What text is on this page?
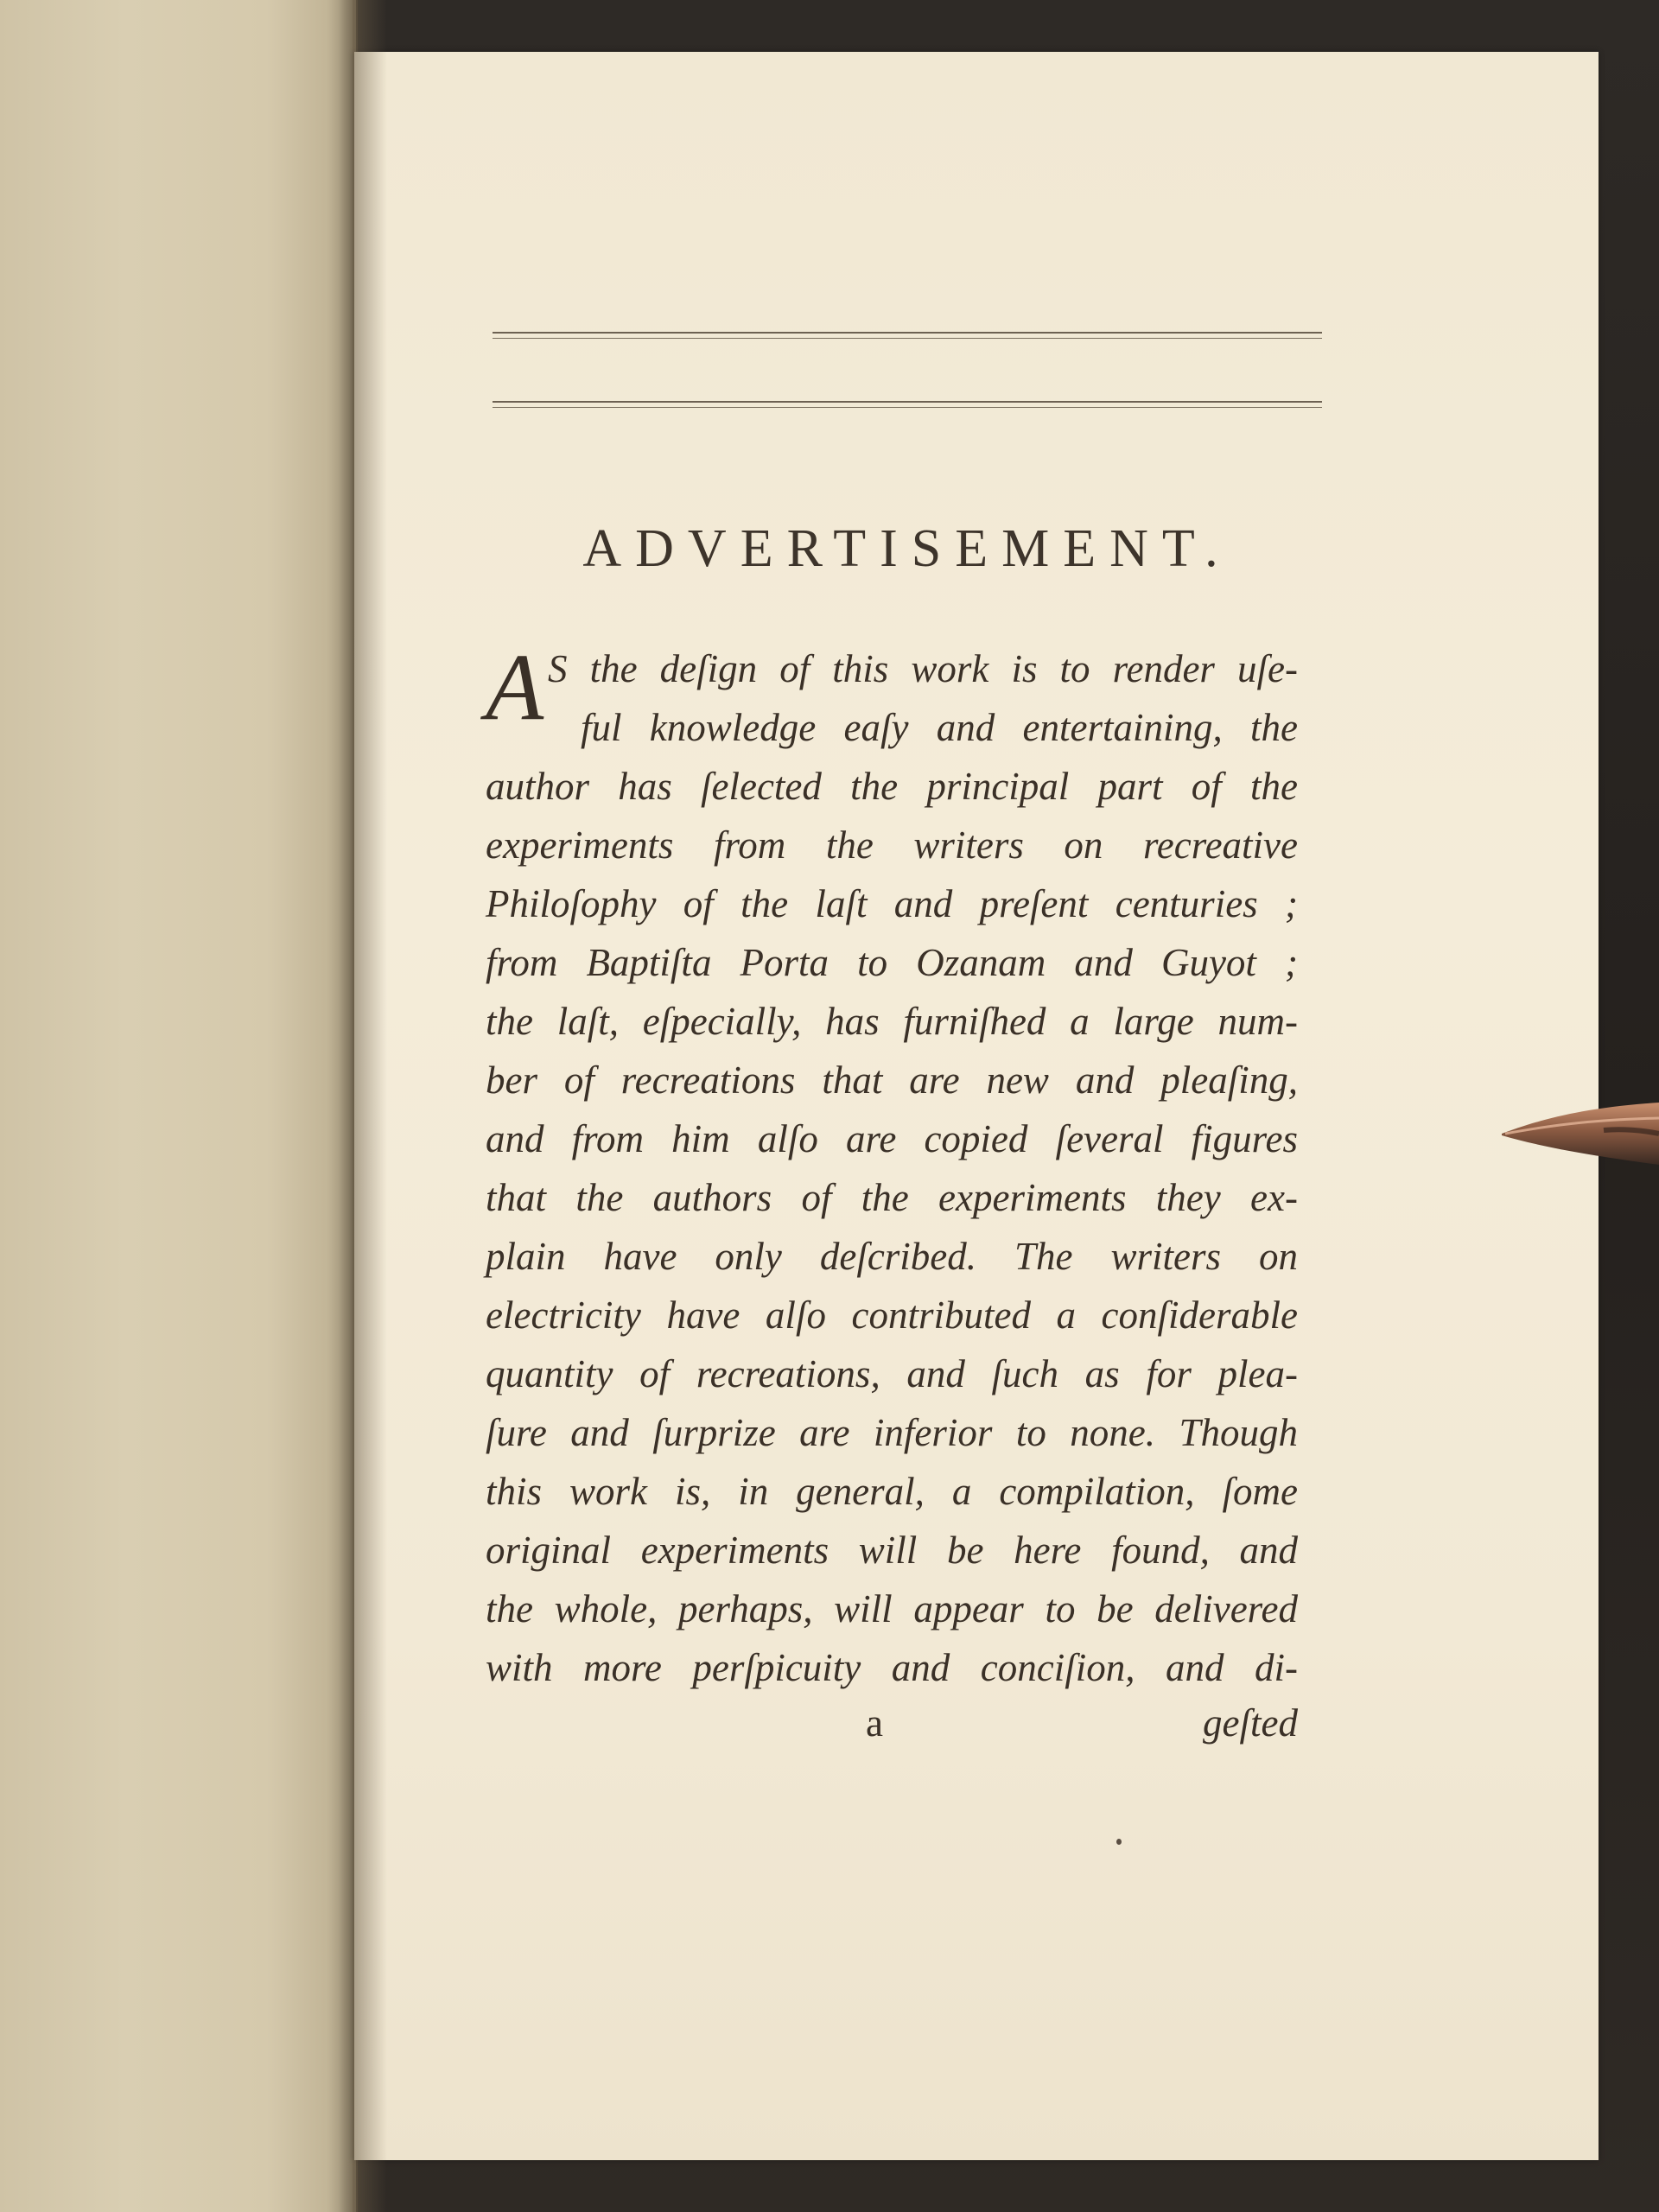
ADVERTISEMENT.
A S the deſign of this work is to render uſe-
ful knowledge eaſy and entertaining, the
author has ſelected the principal part of the
experiments from the writers on recreative
Philoſophy of the laſt and preſent centuries ;
from Baptiſta Porta to Ozanam and Guyot ;
the laſt, eſpecially, has furniſhed a large num-
ber of recreations that are new and pleaſing,
and from him alſo are copied ſeveral figures
that the authors of the experiments they ex-
plain have only deſcribed. The writers on
electricity have alſo contributed a conſiderable
quantity of recreations, and ſuch as for plea-
ſure and ſurprize are inferior to none. Though
this work is, in general, a compilation, ſome
original experiments will be here found, and
the whole, perhaps, will appear to be delivered
with more perſpicuity and conciſion, and di-
a	geſted
